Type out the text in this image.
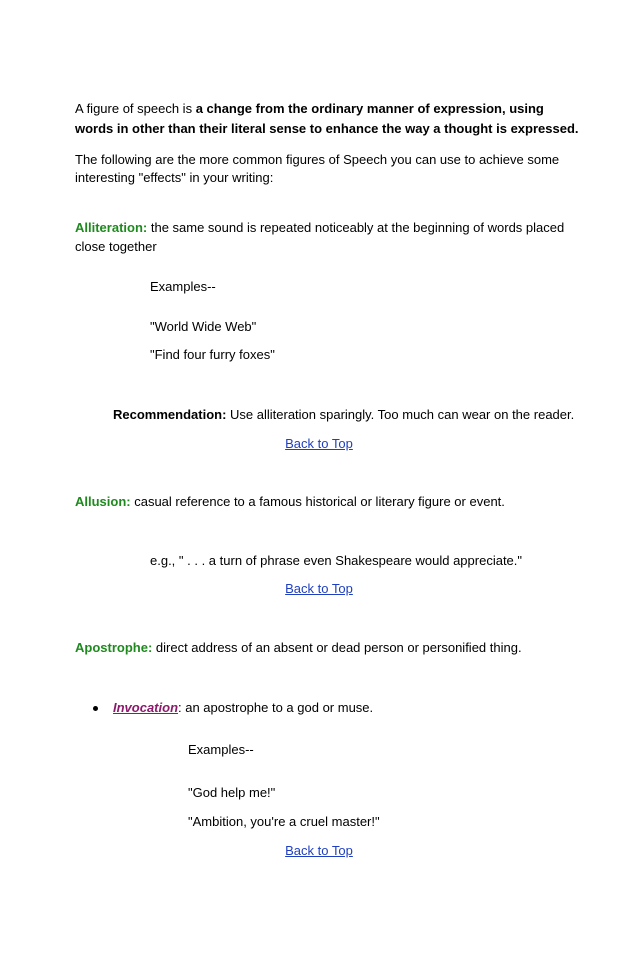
A figure of speech is a change from the ordinary manner of expression, using
words in other than their literal sense to enhance the way a thought is expressed.
The following are the more common figures of Speech you can use to achieve some
interesting "effects" in your writing:
Alliteration: the same sound is repeated noticeably at the beginning of words placed
close together
Examples--
"World Wide Web"
"Find four furry foxes"
Recommendation: Use alliteration sparingly. Too much can wear on the reader.
Back to Top
Allusion: casual reference to a famous historical or literary figure or event.
e.g., " . . . a turn of phrase even Shakespeare would appreciate."
Back to Top
Apostrophe: direct address of an absent or dead person or personified thing.
Invocation: an apostrophe to a god or muse.
Examples--
"God help me!"
"Ambition, you're a cruel master!"
Back to Top
